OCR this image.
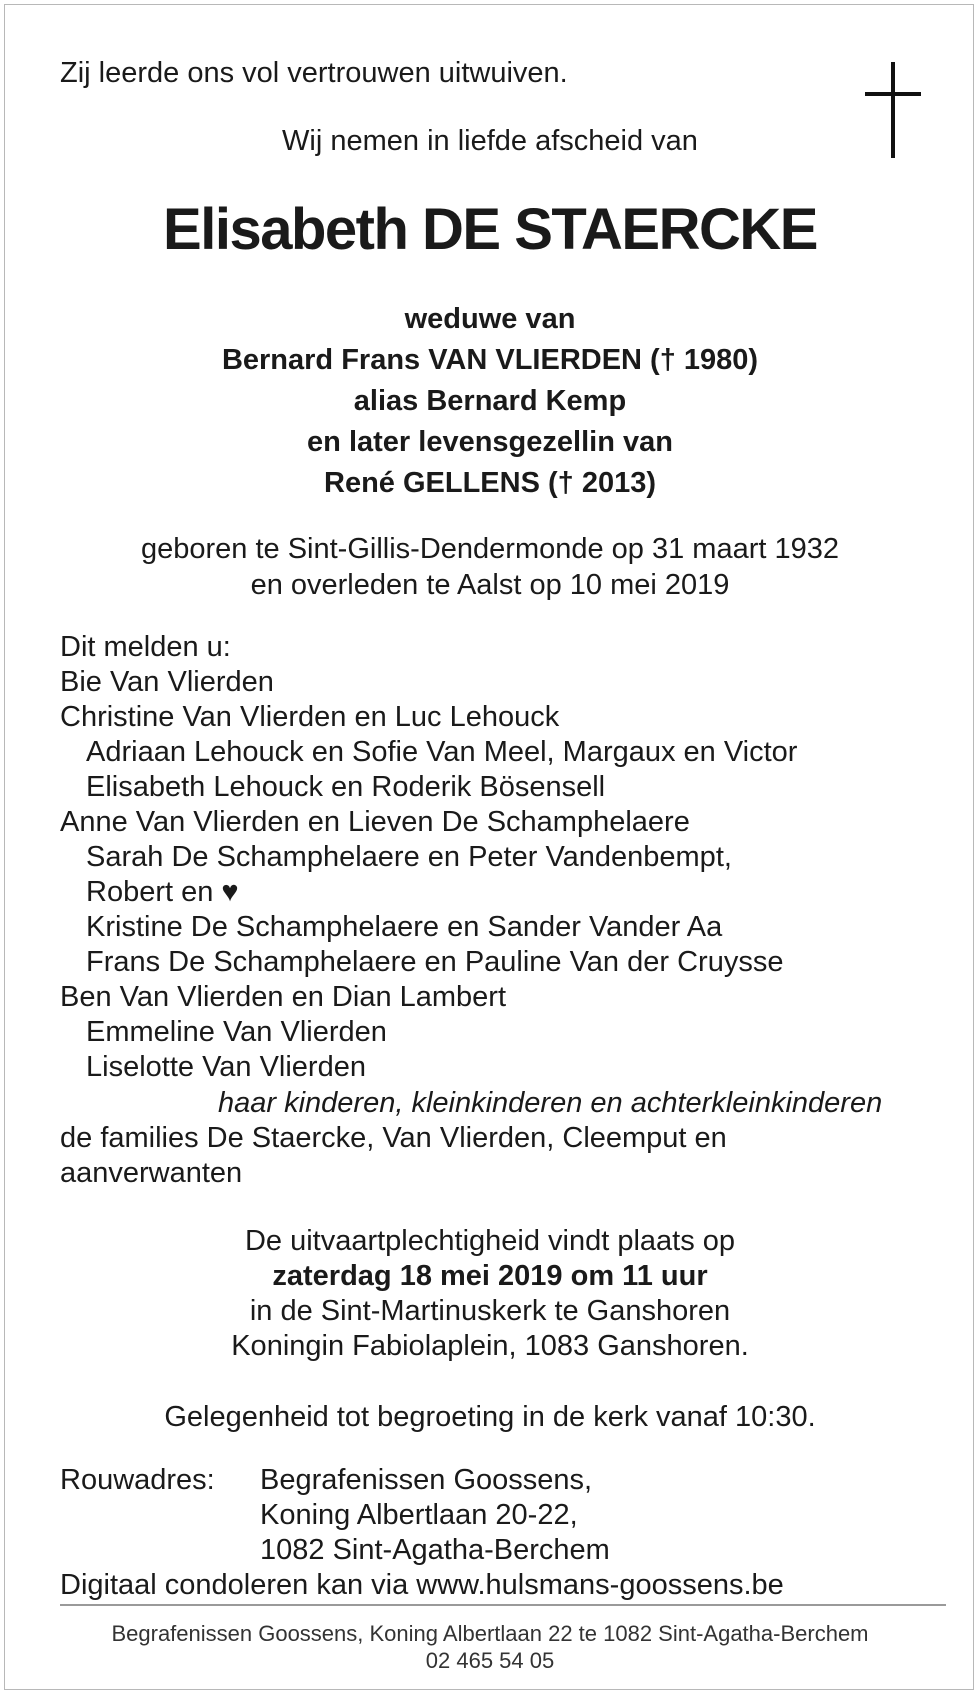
Zij leerde ons vol vertrouwen uitwuiven.
Wij nemen in liefde afscheid van
Elisabeth DE STAERCKE
weduwe van
Bernard Frans VAN VLIERDEN († 1980)
alias Bernard Kemp
en later levensgezellin van
René GELLENS († 2013)
geboren te Sint-Gillis-Dendermonde op 31 maart 1932
en overleden te Aalst op 10 mei 2019
Dit melden u:
Bie Van Vlierden
Christine Van Vlierden en Luc Lehouck
Adriaan Lehouck en Sofie Van Meel, Margaux en Victor
Elisabeth Lehouck en Roderik Bösensell
Anne Van Vlierden en Lieven De Schamphelaere
Sarah De Schamphelaere en Peter Vandenbempt,
Robert en ♥
Kristine De Schamphelaere en Sander Vander Aa
Frans De Schamphelaere en Pauline Van der Cruysse
Ben Van Vlierden en Dian Lambert
Emmeline Van Vlierden
Liselotte Van Vlierden
haar kinderen, kleinkinderen en achterkleinkinderen
de families De Staercke, Van Vlierden, Cleemput en
aanverwanten
De uitvaartplechtigheid vindt plaats op
zaterdag 18 mei 2019 om 11 uur
in de Sint-Martinuskerk te Ganshoren
Koningin Fabiolaplein, 1083 Ganshoren.
Gelegenheid tot begroeting in de kerk vanaf 10:30.
Rouwadres: Begrafenissen Goossens,
Koning Albertlaan 20-22,
1082 Sint-Agatha-Berchem
Digitaal condoleren kan via www.hulsmans-goossens.be
Begrafenissen Goossens, Koning Albertlaan 22 te 1082 Sint-Agatha-Berchem
02 465 54 05
